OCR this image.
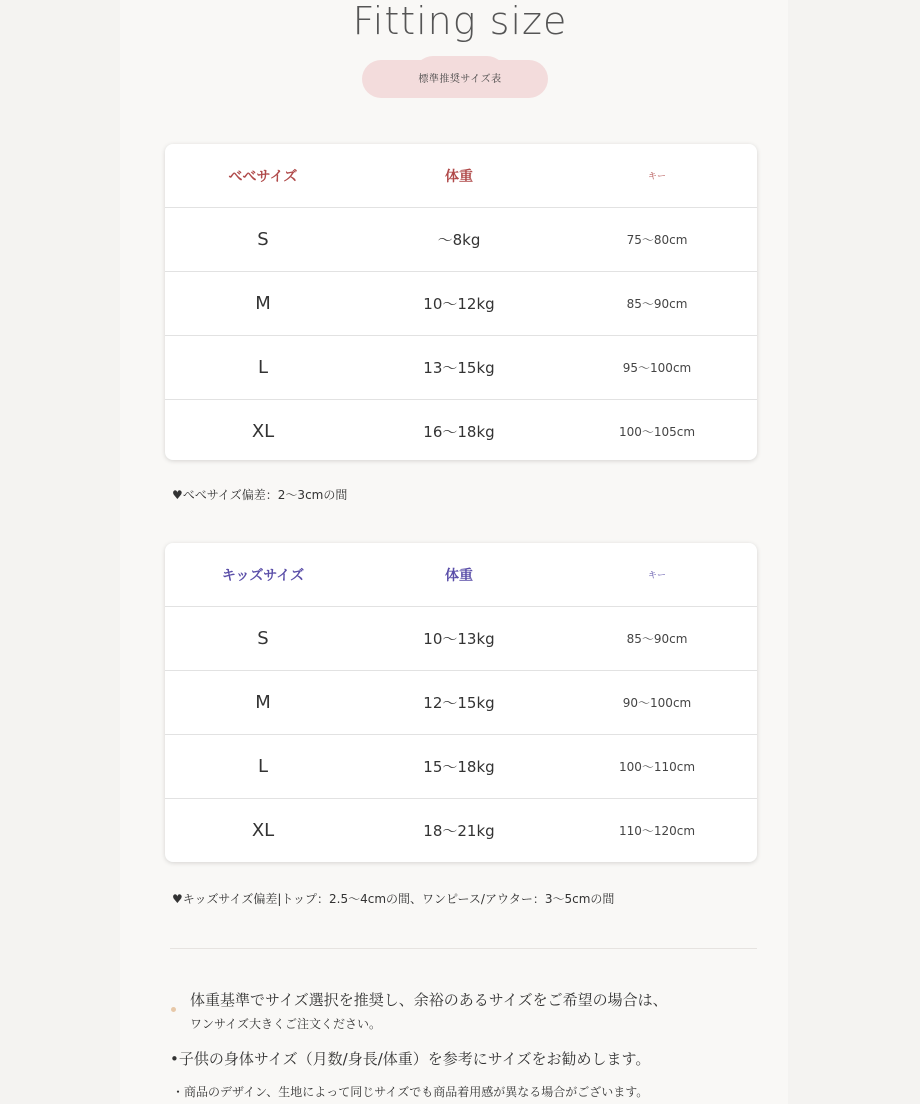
Fitting size
標準推奨サイズ表
べべサイズ	体重	キー
S	〜8kg	75〜80cm
M	10〜12kg	85〜90cm
L	13〜15kg	95〜100cm
XL	16〜18kg	100〜105cm
♥べべサイズ偏差：2〜3cmの間
キッズサイズ	体重	キー
S	10〜13kg	85〜90cm
M	12〜15kg	90〜100cm
L	15〜18kg	100〜110cm
XL	18〜21kg	110〜120cm
♥キッズサイズ偏差|トップ：2.5〜4cmの間、ワンピース/アウター：3〜5cmの間
体重基準でサイズ選択を推奨し、余裕のあるサイズをご希望の場合は、
ワンサイズ大きくご注文ください。
•子供の身体サイズ（月数/身長/体重）を参考にサイズをお勧めします。
・商品のデザイン、生地によって同じサイズでも商品着用感が異なる場合がございます。
